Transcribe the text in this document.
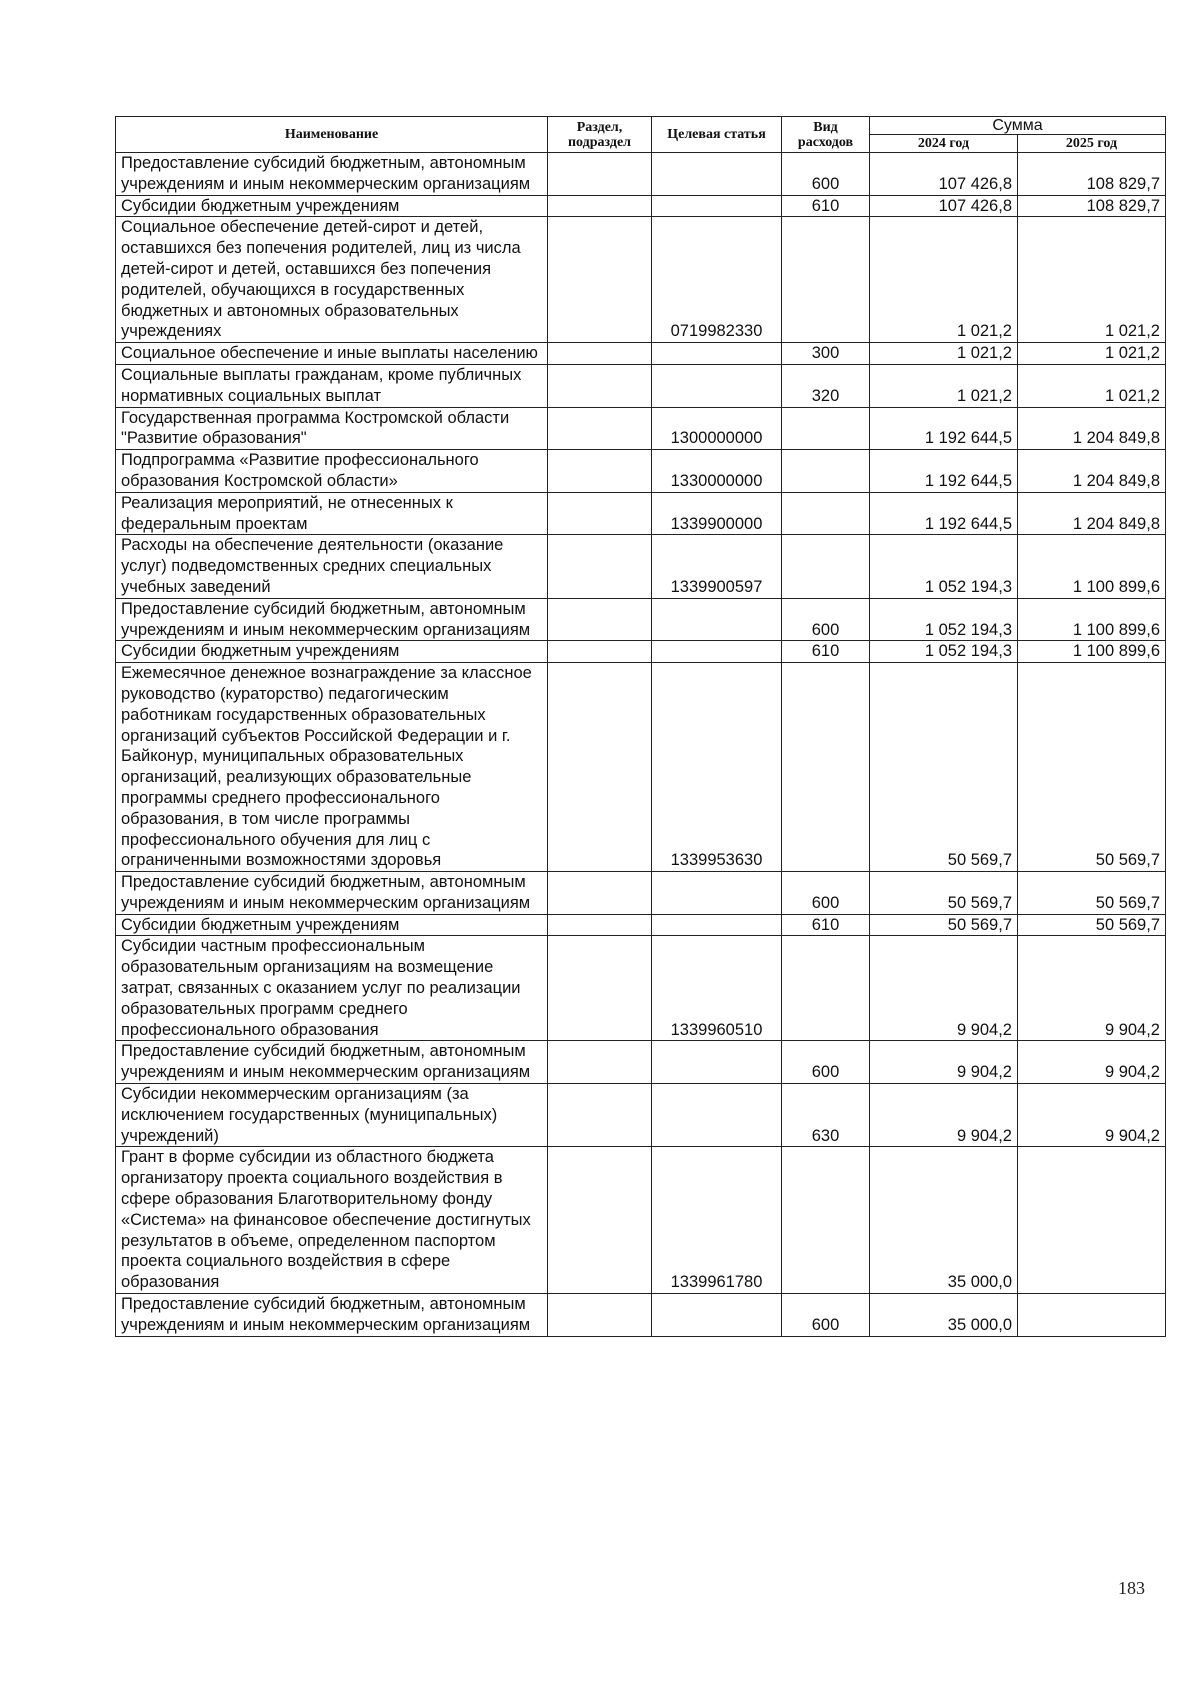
Наименование	Раздел, подраздел	Целевая статья	Вид расходов	Сумма	
				2024 год	2025 год
Предоставление субсидий бюджетным, автономным учреждениям и иным некоммерческим организациям			600	107 426,8	108 829,7
Субсидии бюджетным учреждениям			610	107 426,8	108 829,7
Социальное обеспечение детей-сирот и детей, оставшихся без попечения родителей, лиц из числа детей-сирот и детей, оставшихся без попечения родителей, обучающихся в государственных бюджетных и автономных образовательных учреждениях		0719982330		1 021,2	1 021,2
Социальное обеспечение и иные выплаты населению			300	1 021,2	1 021,2
Социальные выплаты гражданам, кроме публичных нормативных социальных выплат			320	1 021,2	1 021,2
Государственная программа Костромской области "Развитие образования"		1300000000		1 192 644,5	1 204 849,8
Подпрограмма «Развитие профессионального образования Костромской области»		1330000000		1 192 644,5	1 204 849,8
Реализация мероприятий, не отнесенных к федеральным проектам		1339900000		1 192 644,5	1 204 849,8
Расходы на обеспечение деятельности (оказание услуг) подведомственных средних специальных учебных заведений		1339900597		1 052 194,3	1 100 899,6
Предоставление субсидий бюджетным, автономным учреждениям и иным некоммерческим организациям			600	1 052 194,3	1 100 899,6
Субсидии бюджетным учреждениям			610	1 052 194,3	1 100 899,6
Ежемесячное денежное вознаграждение за классное руководство (кураторство) педагогическим работникам государственных образовательных организаций субъектов Российской Федерации и г. Байконур, муниципальных образовательных организаций, реализующих образовательные программы среднего профессионального образования, в том числе программы профессионального обучения для лиц с ограниченными возможностями здоровья		1339953630		50 569,7	50 569,7
Предоставление субсидий бюджетным, автономным учреждениям и иным некоммерческим организациям			600	50 569,7	50 569,7
Субсидии бюджетным учреждениям			610	50 569,7	50 569,7
Субсидии частным профессиональным образовательным организациям на возмещение затрат, связанных с оказанием услуг по реализации образовательных программ среднего профессионального образования		1339960510		9 904,2	9 904,2
Предоставление субсидий бюджетным, автономным учреждениям и иным некоммерческим организациям			600	9 904,2	9 904,2
Субсидии некоммерческим организациям (за исключением государственных (муниципальных) учреждений)			630	9 904,2	9 904,2
Грант в форме субсидии из областного бюджета организатору проекта социального воздействия в сфере образования Благотворительному фонду «Система» на финансовое обеспечение достигнутых результатов в объеме, определенном паспортом проекта социального воздействия в сфере образования		1339961780		35 000,0	
Предоставление субсидий бюджетным, автономным учреждениям и иным некоммерческим организациям			600	35 000,0	
183
